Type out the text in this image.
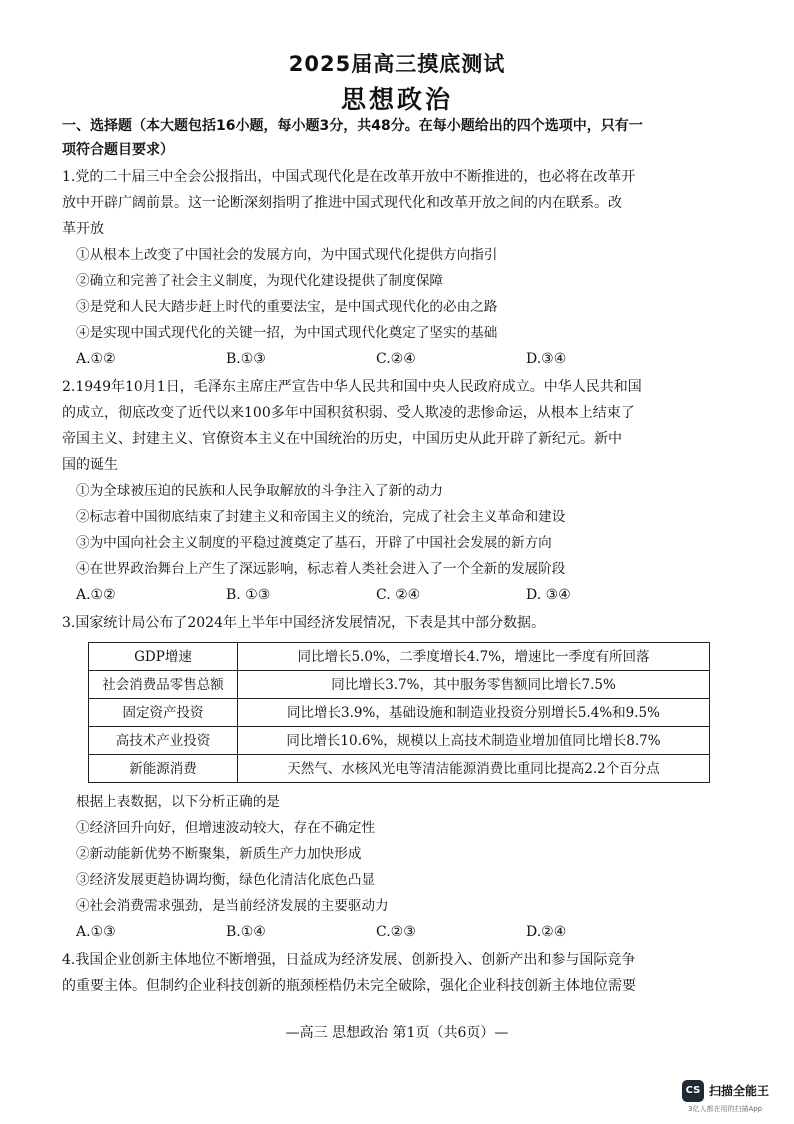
2025届高三摸底测试
思想政治
一、选择题（本大题包括16小题，每小题3分，共48分。在每小题给出的四个选项中，只有一
项符合题目要求）
1.党的二十届三中全会公报指出，中国式现代化是在改革开放中不断推进的，也必将在改革开
放中开辟广阔前景。这一论断深刻指明了推进中国式现代化和改革开放之间的内在联系。改
革开放
①从根本上改变了中国社会的发展方向，为中国式现代化提供方向指引
②确立和完善了社会主义制度，为现代化建设提供了制度保障
③是党和人民大踏步赶上时代的重要法宝，是中国式现代化的必由之路
④是实现中国式现代化的关键一招，为中国式现代化奠定了坚实的基础
A.①②	B.①③	C.②④	D.③④
2.1949年10月1日，毛泽东主席庄严宣告中华人民共和国中央人民政府成立。中华人民共和国
的成立，彻底改变了近代以来100多年中国积贫积弱、受人欺凌的悲惨命运，从根本上结束了
帝国主义、封建主义、官僚资本主义在中国统治的历史，中国历史从此开辟了新纪元。新中
国的诞生
①为全球被压迫的民族和人民争取解放的斗争注入了新的动力
②标志着中国彻底结束了封建主义和帝国主义的统治，完成了社会主义革命和建设
③为中国向社会主义制度的平稳过渡奠定了基石，开辟了中国社会发展的新方向
④在世界政治舞台上产生了深远影响，标志着人类社会进入了一个全新的发展阶段
A.①②	B. ①③	C. ②④	D. ③④
3.国家统计局公布了2024年上半年中国经济发展情况，下表是其中部分数据。
GDP增速	同比增长5.0%，二季度增长4.7%，增速比一季度有所回落
社会消费品零售总额	同比增长3.7%，其中服务零售额同比增长7.5%
固定资产投资	同比增长3.9%，基础设施和制造业投资分别增长5.4%和9.5%
高技术产业投资	同比增长10.6%，规模以上高技术制造业增加值同比增长8.7%
新能源消费	天然气、水核风光电等清洁能源消费比重同比提高2.2个百分点
根据上表数据，以下分析正确的是
①经济回升向好，但增速波动较大，存在不确定性
②新动能新优势不断聚集，新质生产力加快形成
③经济发展更趋协调均衡，绿色化清洁化底色凸显
④社会消费需求强劲，是当前经济发展的主要驱动力
A.①③	B.①④	C.②③	D.②④
4.我国企业创新主体地位不断增强，日益成为经济发展、创新投入、创新产出和参与国际竞争
的重要主体。但制约企业科技创新的瓶颈桎梏仍未完全破除，强化企业科技创新主体地位需要
—高三 思想政治 第1页（共6页）—
CS 扫描全能王
3亿人都在用的扫描App
